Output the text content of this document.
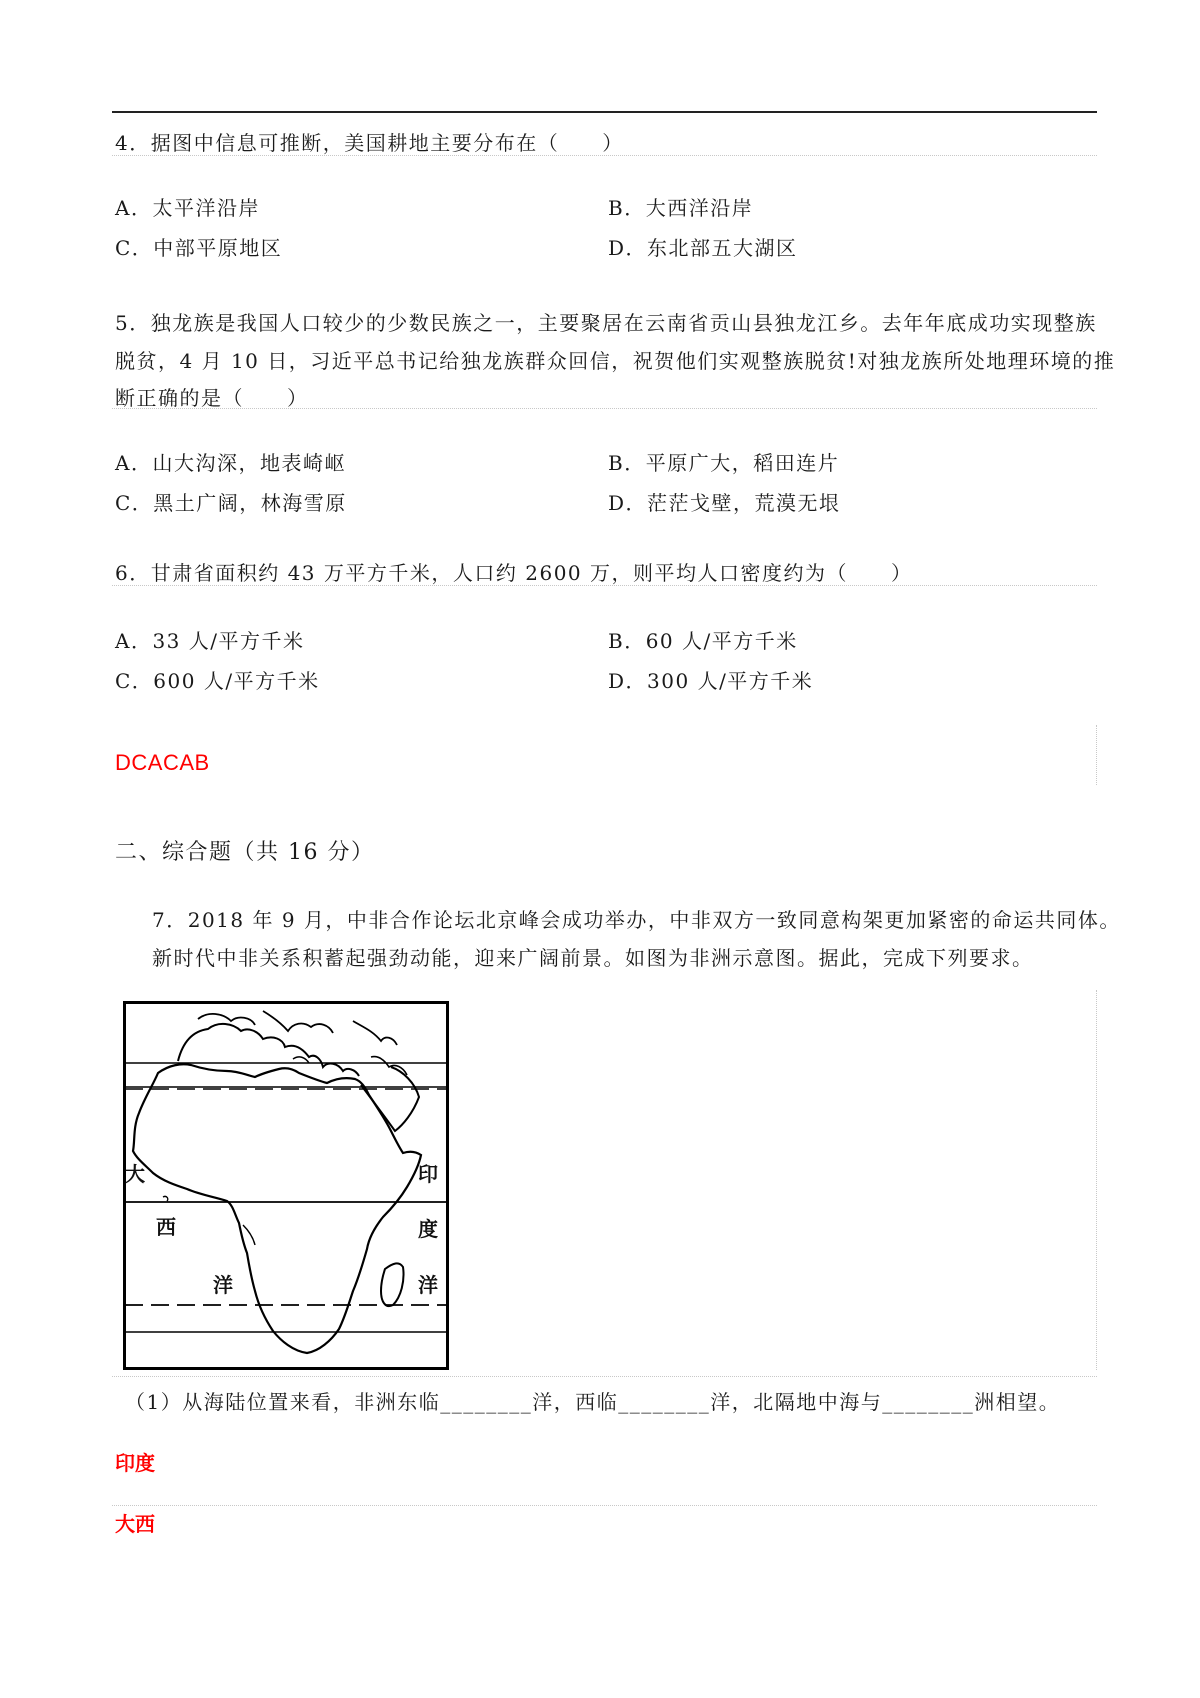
4．据图中信息可推断，美国耕地主要分布在（　　）
A．太平洋沿岸	B．大西洋沿岸
C．中部平原地区	D．东北部五大湖区
5．独龙族是我国人口较少的少数民族之一，主要聚居在云南省贡山县独龙江乡。去年年底成功实现整族
脱贫，4 月 10 日，习近平总书记给独龙族群众回信，祝贺他们实观整族脱贫!对独龙族所处地理环境的推
断正确的是（　　）
A．山大沟深，地表崎岖	B．平原广大，稻田连片
C．黑土广阔，林海雪原	D．茫茫戈壁，荒漠无垠
6．甘肃省面积约 43 万平方千米，人口约 2600 万，则平均人口密度约为（　　）
A．33 人/平方千米	B．60 人/平方千米
C．600 人/平方千米	D．300 人/平方千米
DCACAB
二、综合题（共 16 分）
7．2018 年 9 月，中非合作论坛北京峰会成功举办，中非双方一致同意构架更加紧密的命运共同体。
新时代中非关系积蓄起强劲动能，迎来广阔前景。如图为非洲示意图。据此，完成下列要求。
大
西
洋
印
度
洋
（1）从海陆位置来看，非洲东临________洋，西临________洋，北隔地中海与________洲相望。
印度
大西
